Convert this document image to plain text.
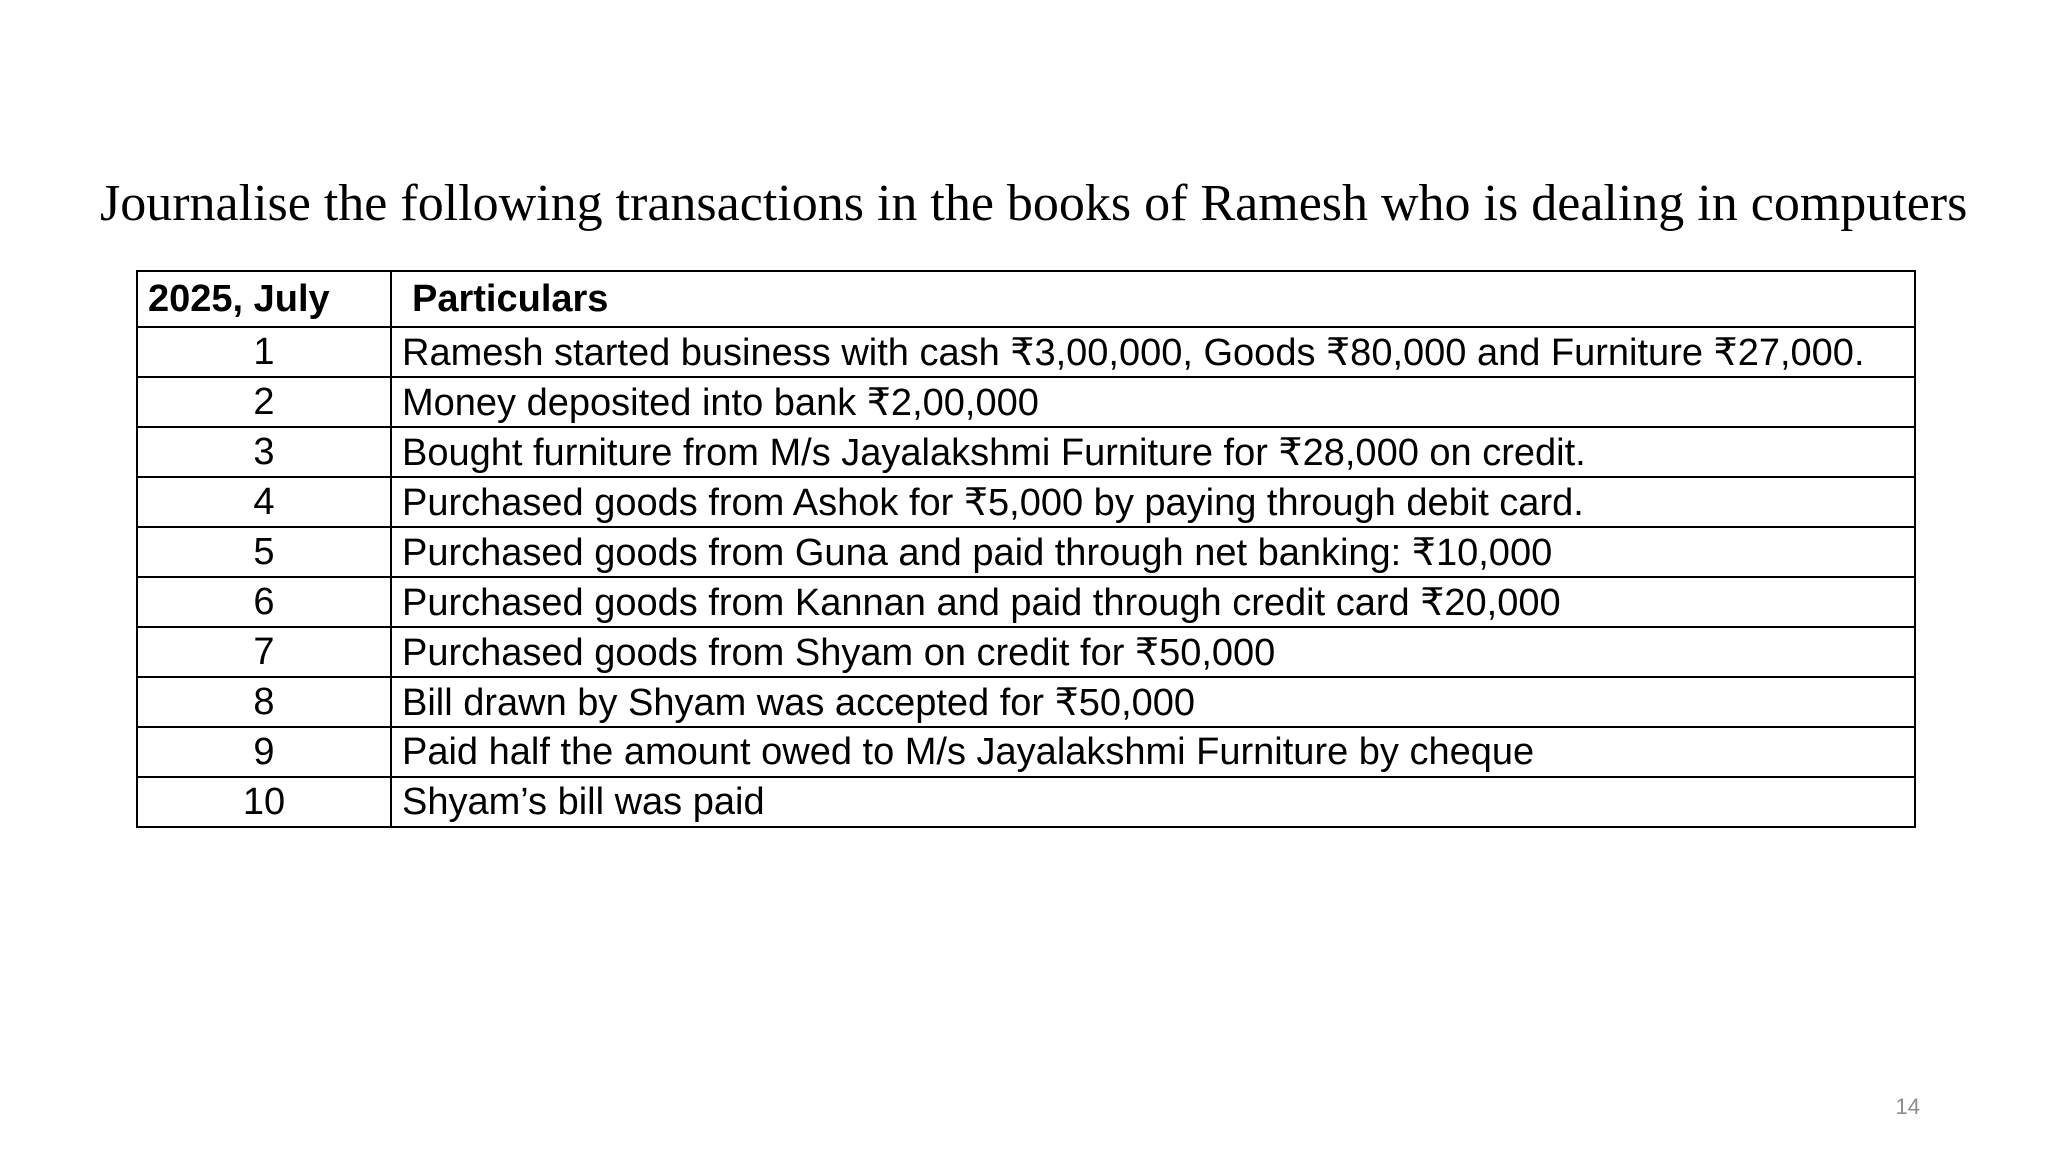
Journalise the following transactions in the books of Ramesh who is dealing in computers
2025, July	Particulars
1	Ramesh started business with cash ₹3,00,000, Goods ₹80,000 and Furniture ₹27,000.
2	Money deposited into bank ₹2,00,000
3	Bought furniture from M/s Jayalakshmi Furniture for ₹28,000 on credit.
4	Purchased goods from Ashok for ₹5,000 by paying through debit card.
5	Purchased goods from Guna and paid through net banking: ₹10,000
6	Purchased goods from Kannan and paid through credit card ₹20,000
7	Purchased goods from Shyam on credit for ₹50,000
8	Bill drawn by Shyam was accepted for ₹50,000
9	Paid half the amount owed to M/s Jayalakshmi Furniture by cheque
10	Shyam’s bill was paid
14
